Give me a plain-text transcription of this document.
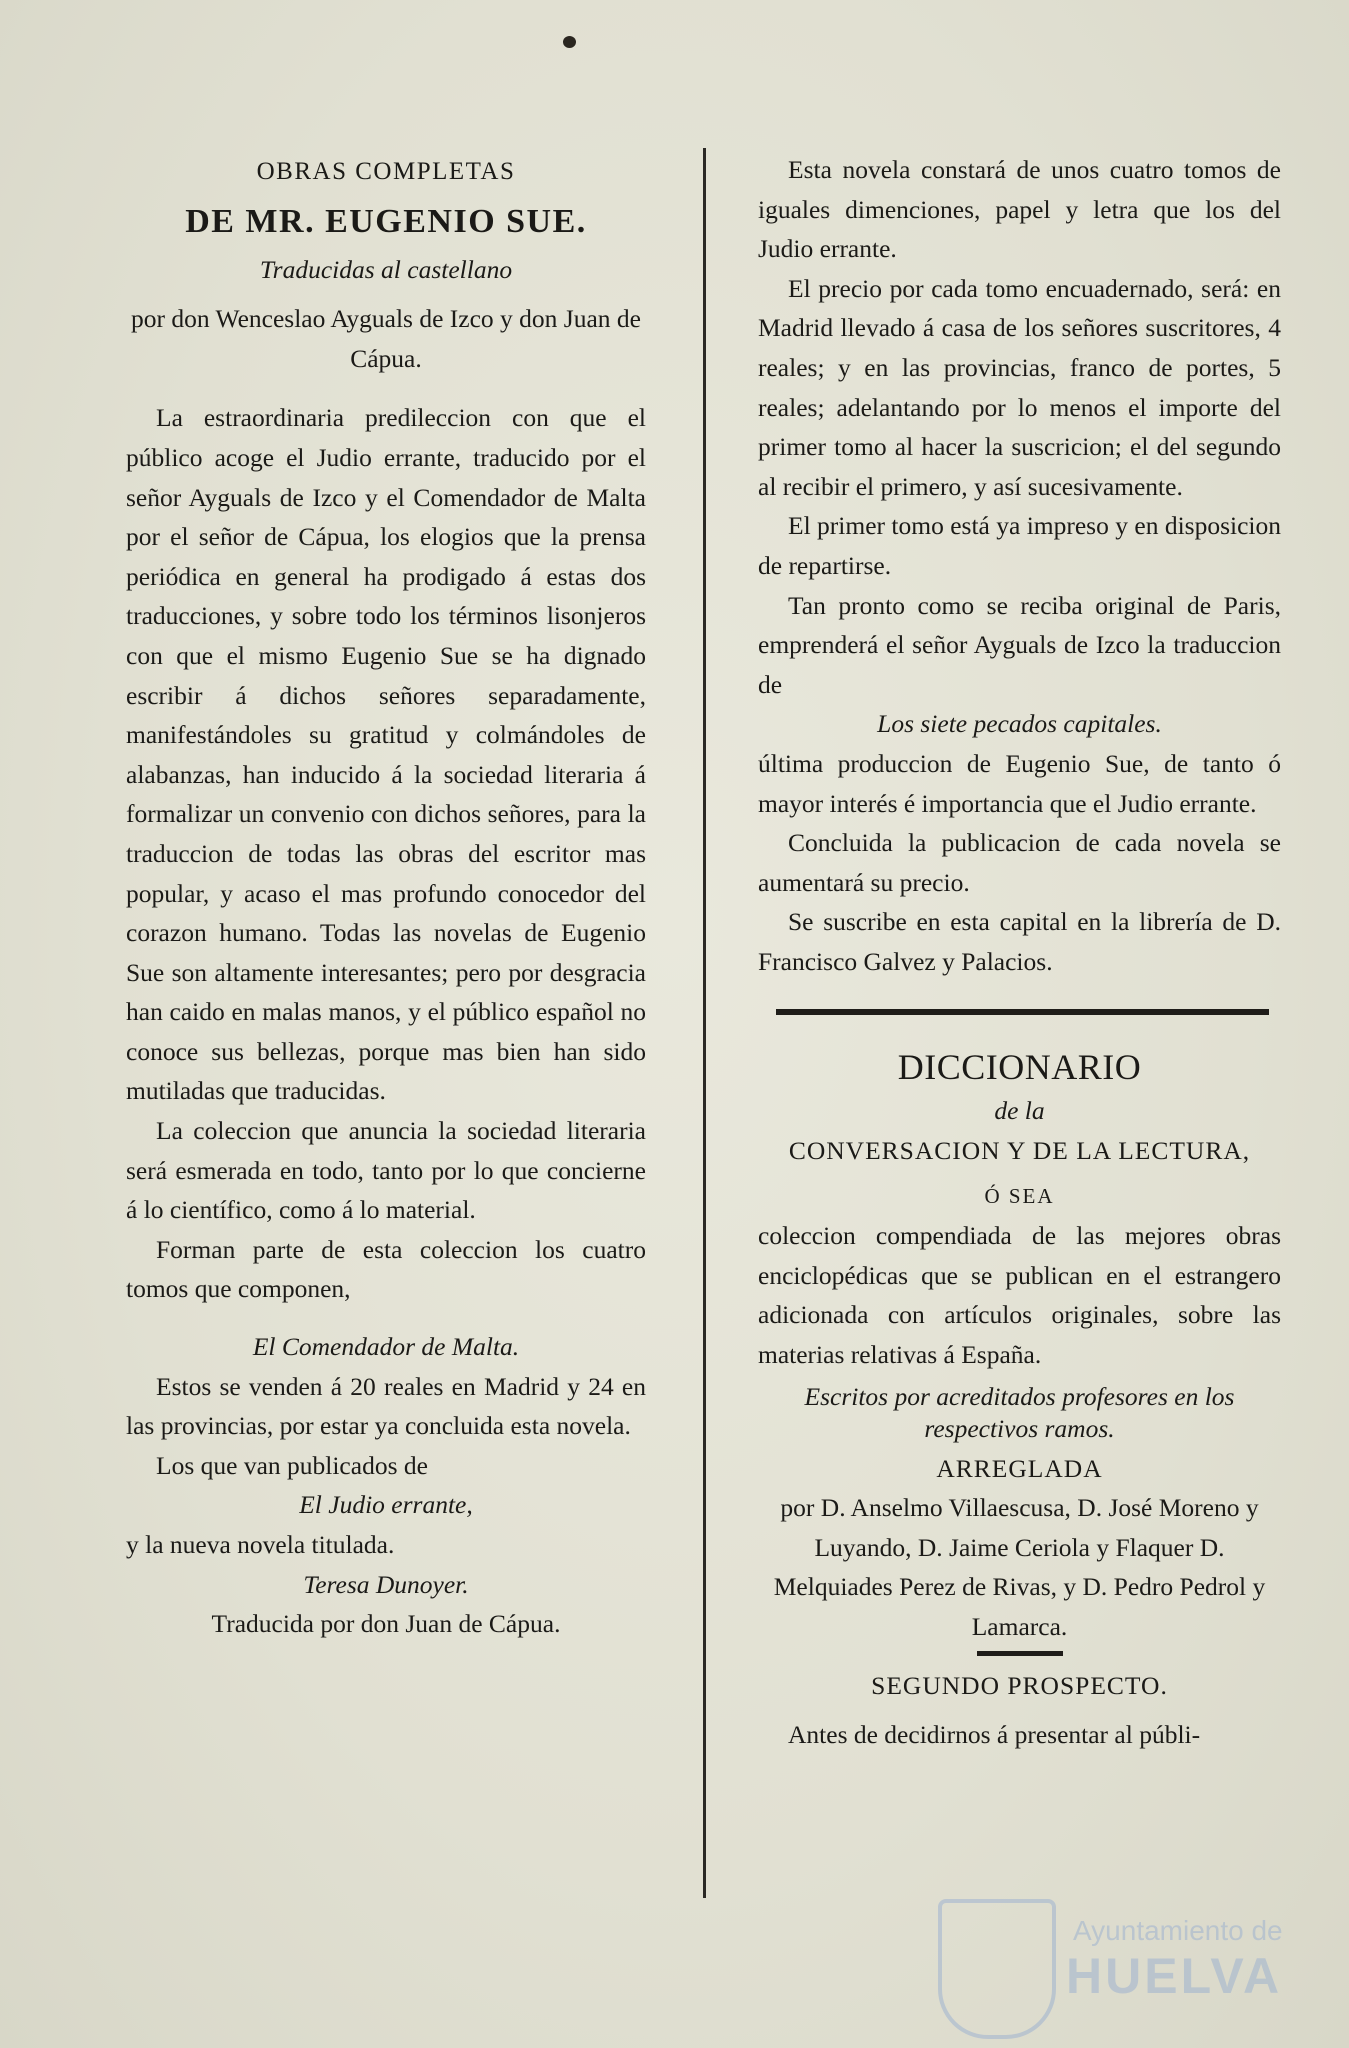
OBRAS COMPLETAS

DE MR. EUGENIO SUE.

Traducidas al castellano

por don Wenceslao Ayguals de Izco y don Juan de Cápua.

La estraordinaria predileccion con que el público acoge el Judio errante, traducido por el señor Ayguals de Izco y el Comendador de Malta por el señor de Cápua, los elogios que la prensa periódica en general ha prodigado á estas dos traducciones, y sobre todo los términos lisonjeros con que el mismo Eugenio Sue se ha dignado escribir á dichos señores separadamente, manifestándoles su gratitud y colmándoles de alabanzas, han inducido á la sociedad literaria á formalizar un convenio con dichos señores, para la traduccion de todas las obras del escritor mas popular, y acaso el mas profundo conocedor del corazon humano. Todas las novelas de Eugenio Sue son altamente interesantes; pero por desgracia han caido en malas manos, y el público español no conoce sus bellezas, porque mas bien han sido mutiladas que traducidas.

La coleccion que anuncia la sociedad literaria será esmerada en todo, tanto por lo que concierne á lo científico, como á lo material.

Forman parte de esta coleccion los cuatro tomos que componen,

El Comendador de Malta.

Estos se venden á 20 reales en Madrid y 24 en las provincias, por estar ya concluida esta novela.

Los que van publicados de

El Judio errante,

y la nueva novela titulada.

Teresa Dunoyer.

Traducida por don Juan de Cápua.

Esta novela constará de unos cuatro tomos de iguales dimenciones, papel y letra que los del Judio errante.

El precio por cada tomo encuadernado, será: en Madrid llevado á casa de los señores suscritores, 4 reales; y en las provincias, franco de portes, 5 reales; adelantando por lo menos el importe del primer tomo al hacer la suscricion; el del segundo al recibir el primero, y así sucesivamente.

El primer tomo está ya impreso y en disposicion de repartirse.

Tan pronto como se reciba original de Paris, emprenderá el señor Ayguals de Izco la traduccion de

Los siete pecados capitales.

última produccion de Eugenio Sue, de tanto ó mayor interés é importancia que el Judio errante.

Concluida la publicacion de cada novela se aumentará su precio.

Se suscribe en esta capital en la librería de D. Francisco Galvez y Palacios.

DICCIONARIO

de la

CONVERSACION Y DE LA LECTURA,

Ó SEA

coleccion compendiada de las mejores obras enciclopédicas que se publican en el estrangero adicionada con artículos originales, sobre las materias relativas á España.

Escritos por acreditados profesores en los respectivos ramos.

ARREGLADA

por D. Anselmo Villaescusa, D. José Moreno y Luyando, D. Jaime Ceriola y Flaquer D. Melquiades Perez de Rivas, y D. Pedro Pedrol y Lamarca.

SEGUNDO PROSPECTO.

Antes de decidirnos á presentar al públi-

Ayuntamiento de
HUELVA
